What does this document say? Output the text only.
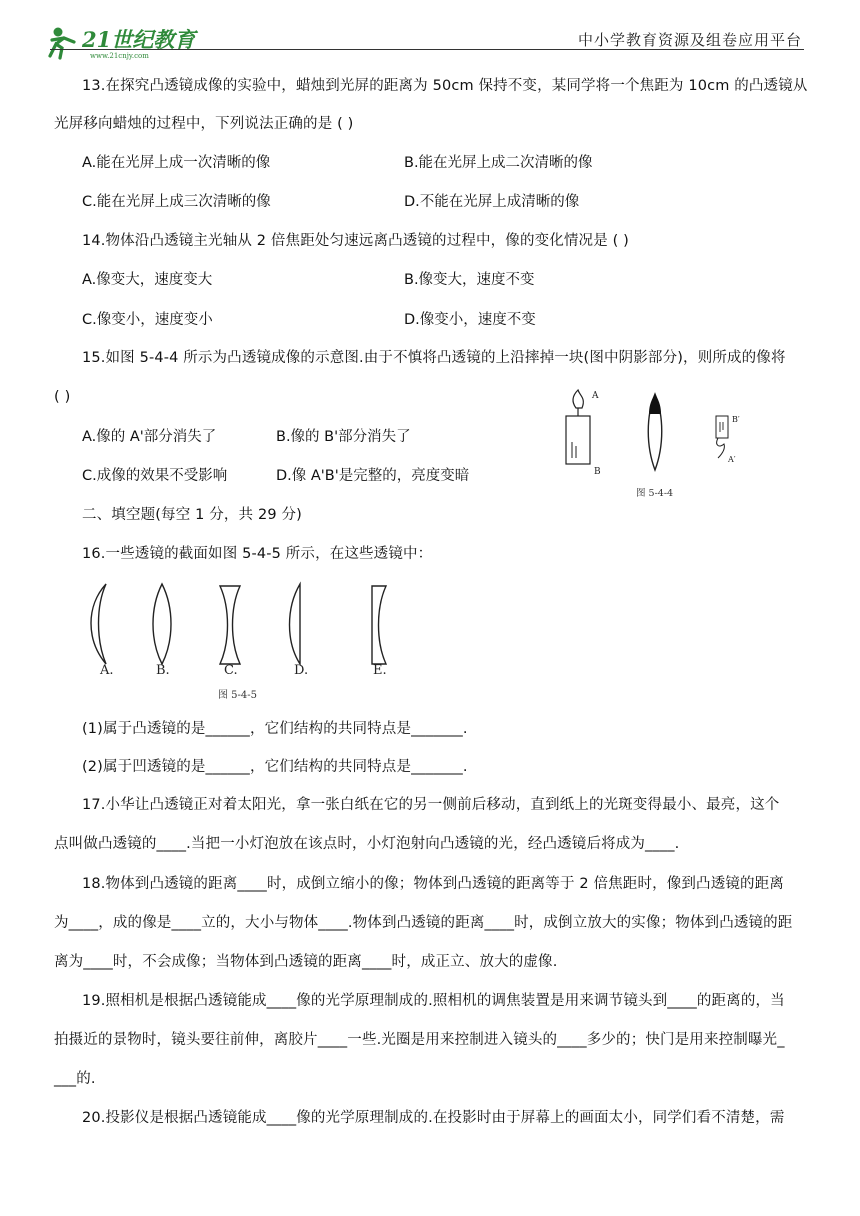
21世纪教育
www.21cnjy.com
中小学教育资源及组卷应用平台
13.在探究凸透镜成像的实验中，蜡烛到光屏的距离为 50cm 保持不变，某同学将一个焦距为 10cm 的凸透镜从
光屏移向蜡烛的过程中，下列说法正确的是 ( )
A.能在光屏上成一次清晰的像	B.能在光屏上成二次清晰的像
C.能在光屏上成三次清晰的像	D.不能在光屏上成清晰的像
14.物体沿凸透镜主光轴从 2 倍焦距处匀速远离凸透镜的过程中，像的变化情况是 ( )
A.像变大，速度变大	B.像变大，速度不变
C.像变小，速度变小	D.像变小，速度不变
15.如图 5-4-4 所示为凸透镜成像的示意图.由于不慎将凸透镜的上沿摔掉一块(图中阴影部分)，则所成的像将
( )
A.像的 A'部分消失了	B.像的 B'部分消失了
C.成像的效果不受影响	D.像 A'B'是完整的，亮度变暗
A
B
B′
A′
图 5-4-4
二、填空题(每空 1 分，共 29 分)
16.一些透镜的截面如图 5-4-5 所示，在这些透镜中：
A.	B.	C.	D.	E.
图 5-4-5
(1)属于凸透镜的是______，它们结构的共同特点是_______.
(2)属于凹透镜的是______，它们结构的共同特点是_______.
17.小华让凸透镜正对着太阳光，拿一张白纸在它的另一侧前后移动，直到纸上的光斑变得最小、最亮，这个
点叫做凸透镜的____.当把一小灯泡放在该点时，小灯泡射向凸透镜的光，经凸透镜后将成为____.
18.物体到凸透镜的距离____时，成倒立缩小的像；物体到凸透镜的距离等于 2 倍焦距时，像到凸透镜的距离
为____，成的像是____立的，大小与物体____.物体到凸透镜的距离____时，成倒立放大的实像；物体到凸透镜的距
离为____时，不会成像；当物体到凸透镜的距离____时，成正立、放大的虚像.
19.照相机是根据凸透镜能成____像的光学原理制成的.照相机的调焦装置是用来调节镜头到____的距离的，当
拍摄近的景物时，镜头要往前伸，离胶片____一些.光圈是用来控制进入镜头的____多少的；快门是用来控制曝光_
___的.
20.投影仪是根据凸透镜能成____像的光学原理制成的.在投影时由于屏幕上的画面太小，同学们看不清楚，需
